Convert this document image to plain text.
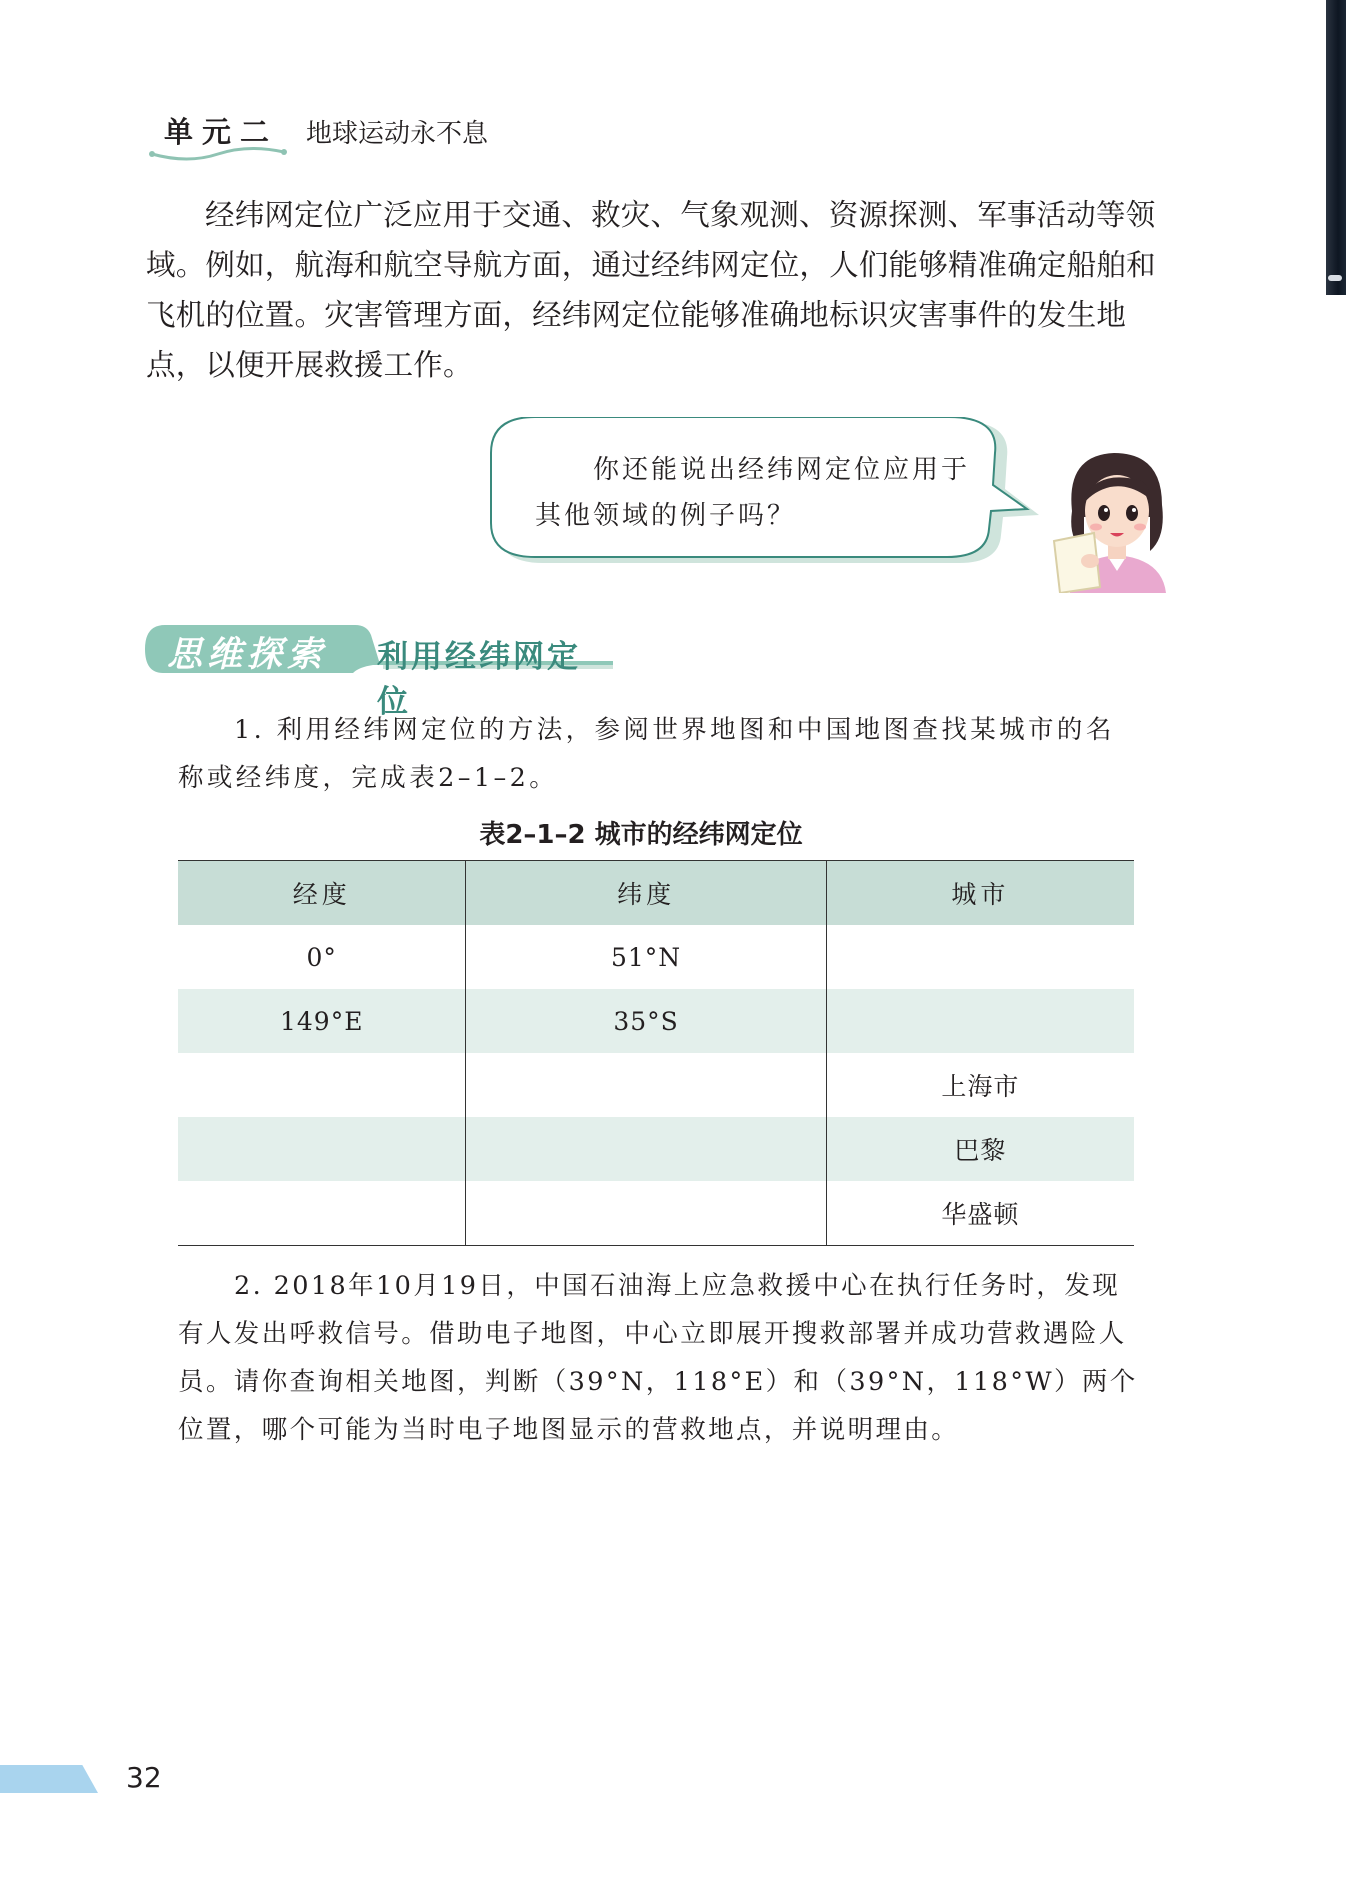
单元二 地球运动永不息

经纬网定位广泛应用于交通、救灾、气象观测、资源探测、军事活动等领域。例如，航海和航空导航方面，通过经纬网定位，人们能够精准确定船舶和飞机的位置。灾害管理方面，经纬网定位能够准确地标识灾害事件的发生地点，以便开展救援工作。

你还能说出经纬网定位应用于其他领域的例子吗？

思维探索 利用经纬网定位

1. 利用经纬网定位的方法，参阅世界地图和中国地图查找某城市的名称或经纬度，完成表2–1–2。

表2–1–2 城市的经纬网定位
经度	纬度	城市
0°	51°N	
149°E	35°S	
		上海市
		巴黎
		华盛顿

2. 2018年10月19日，中国石油海上应急救援中心在执行任务时，发现有人发出呼救信号。借助电子地图，中心立即展开搜救部署并成功营救遇险人员。请你查询相关地图，判断（39°N，118°E）和（39°N，118°W）两个位置，哪个可能为当时电子地图显示的营救地点，并说明理由。

32
